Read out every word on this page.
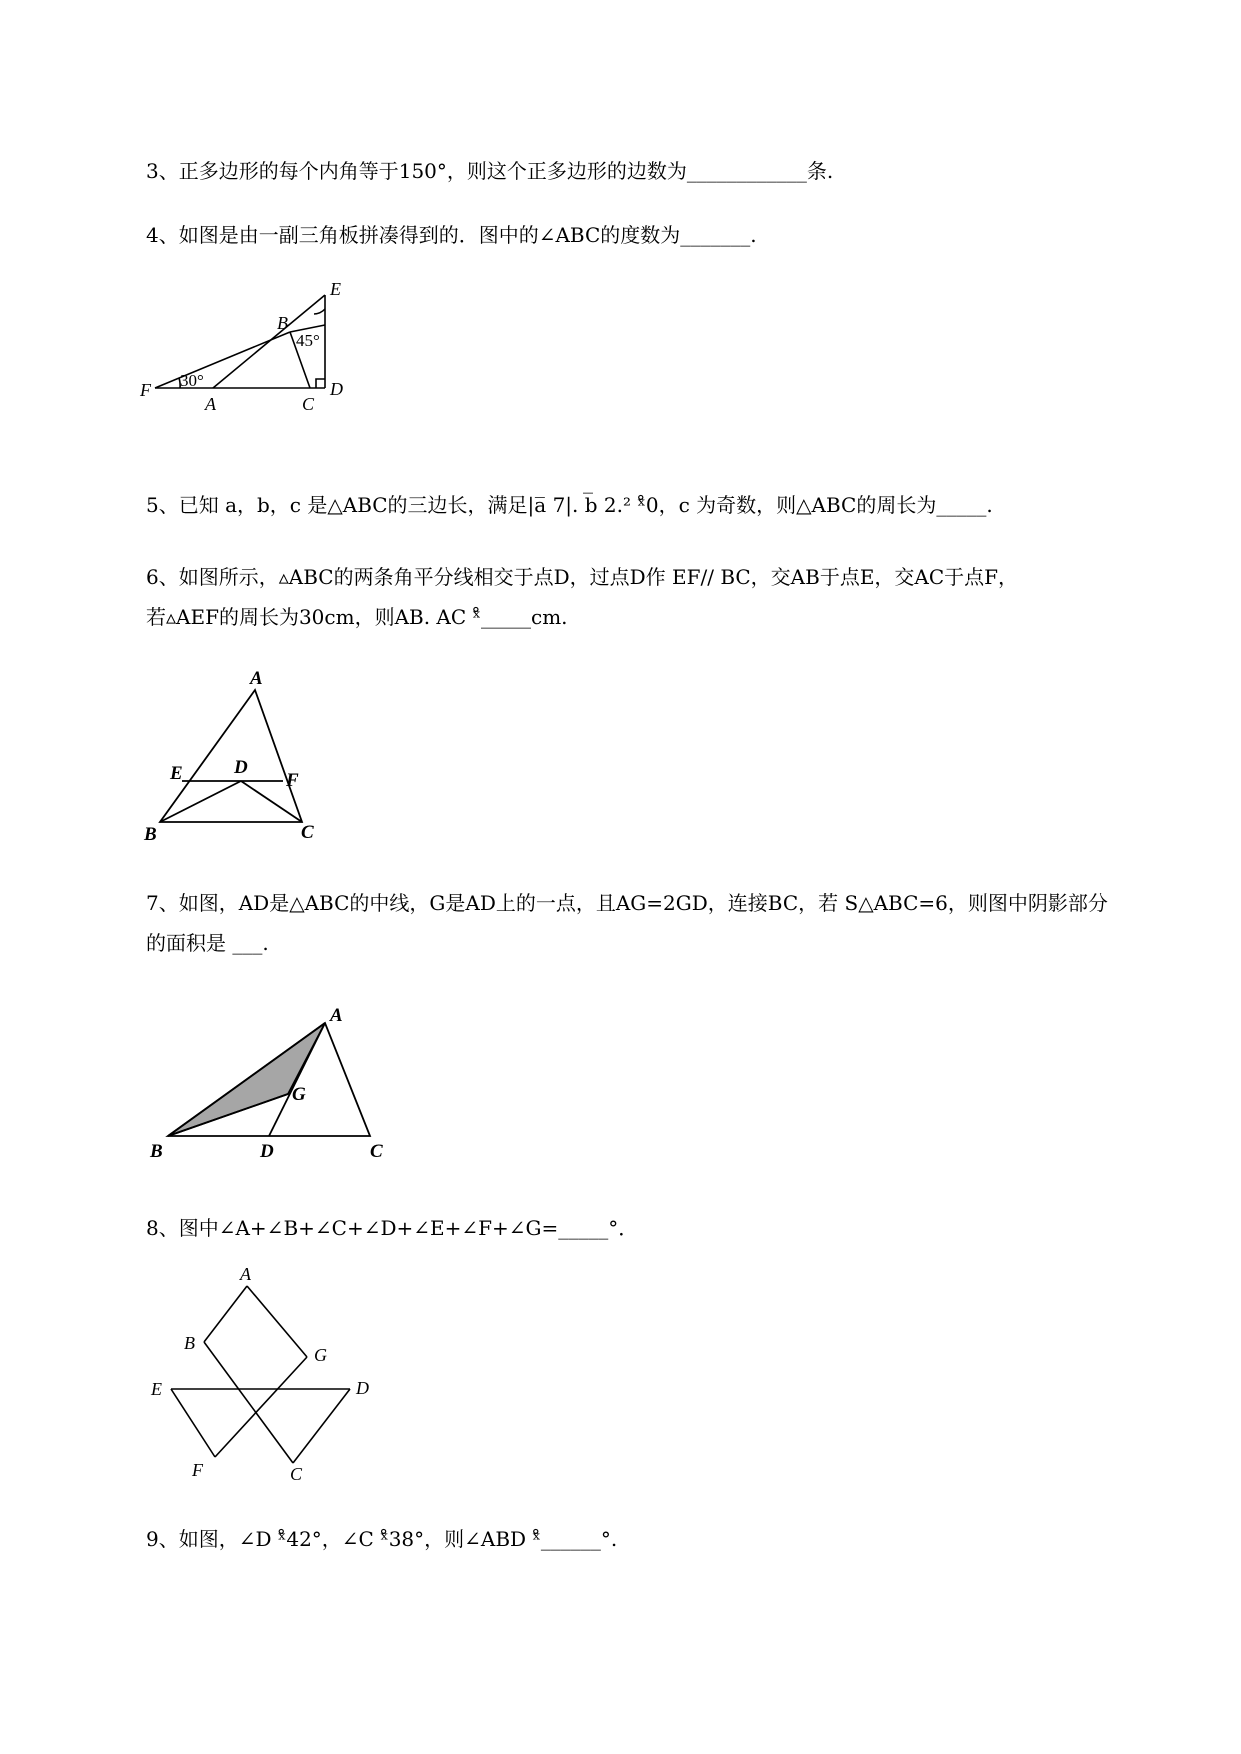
3、正多边形的每个内角等于150°，则这个正多边形的边数为____________条.
4、如图是由一副三角板拼凑得到的．图中的∠ABC的度数为_______.
E
B
45°
F 30°
A	C
D
5、已知 a，b，c 是△ABC的三边长，满足|a̅ 7|. b̅ 2.² ˣ̊0，c 为奇数，则△ABC的周长为_____.
6、如图所示，▵ABC的两条角平分线相交于点D，过点D作 EF// BC，交AB于点E，交AC于点F，
若▵AEF的周长为30cm，则AB. AC ˣ̊_____cm.
A
E	D
F
B	C
7、如图，AD是△ABC的中线，G是AD上的一点，且AG=2GD，连接BC，若 S△ABC=6，则图中阴影部分
的面积是 ___.
A
G
B	D	C
8、图中∠A+∠B+∠C+∠D+∠E+∠F+∠G=_____°．
A
B
G
E	D
F	C
9、如图，∠D ˣ̊42°，∠C ˣ̊38°，则∠ABD ˣ̊______°.
